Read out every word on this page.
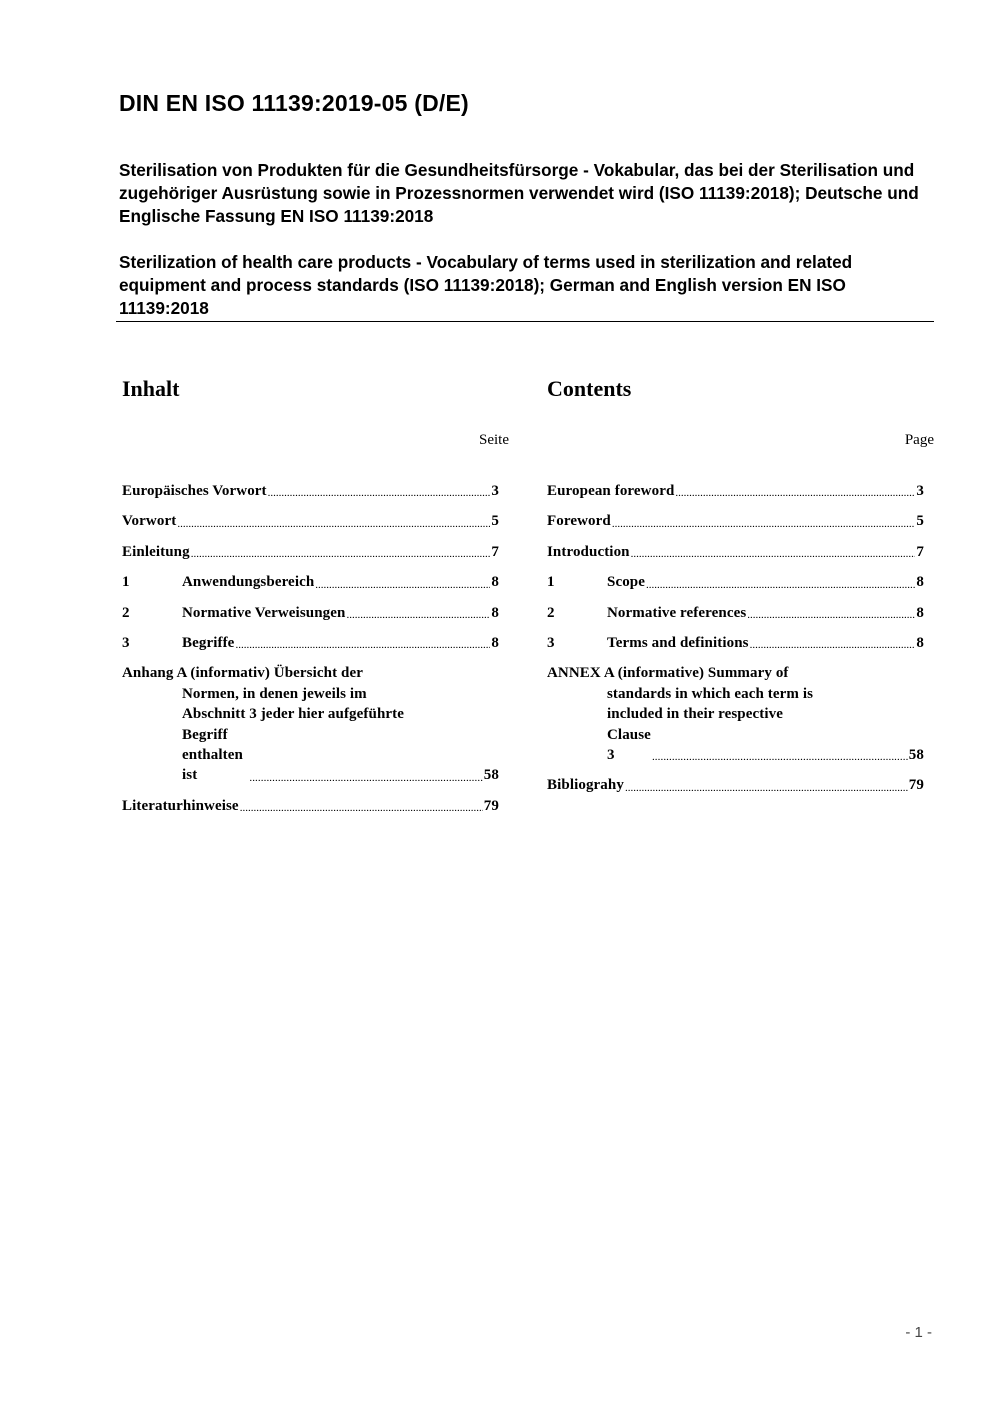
DIN EN ISO 11139:2019-05 (D/E)

Sterilisation von Produkten für die Gesundheitsfürsorge - Vokabular, das bei der Sterilisation und zugehöriger Ausrüstung sowie in Prozessnormen verwendet wird (ISO 11139:2018); Deutsche und Englische Fassung EN ISO 11139:2018

Sterilization of health care products - Vocabulary of terms used in sterilization and related equipment and process standards (ISO 11139:2018); German and English version EN ISO 11139:2018

Inhalt
Seite
Europäisches Vorwort .....	3
Vorwort .....	5
Einleitung .....	7
1	Anwendungsbereich .....	8
2	Normative Verweisungen .....	8
3	Begriffe .....	8
Anhang A (informativ) Übersicht der
Normen, in denen jeweils im
Abschnitt 3 jeder hier aufgeführte
Begriff enthalten ist .....	58
Literaturhinweise .....	79
Contents
Page
European foreword .....	3
Foreword .....	5
Introduction .....	7
1	Scope .....	8
2	Normative references .....	8
3	Terms and definitions .....	8
ANNEX A (informative) Summary of
standards in which each term is
included in their respective
Clause 3 .....	58
Bibliograhy .....	79
- 1 -
